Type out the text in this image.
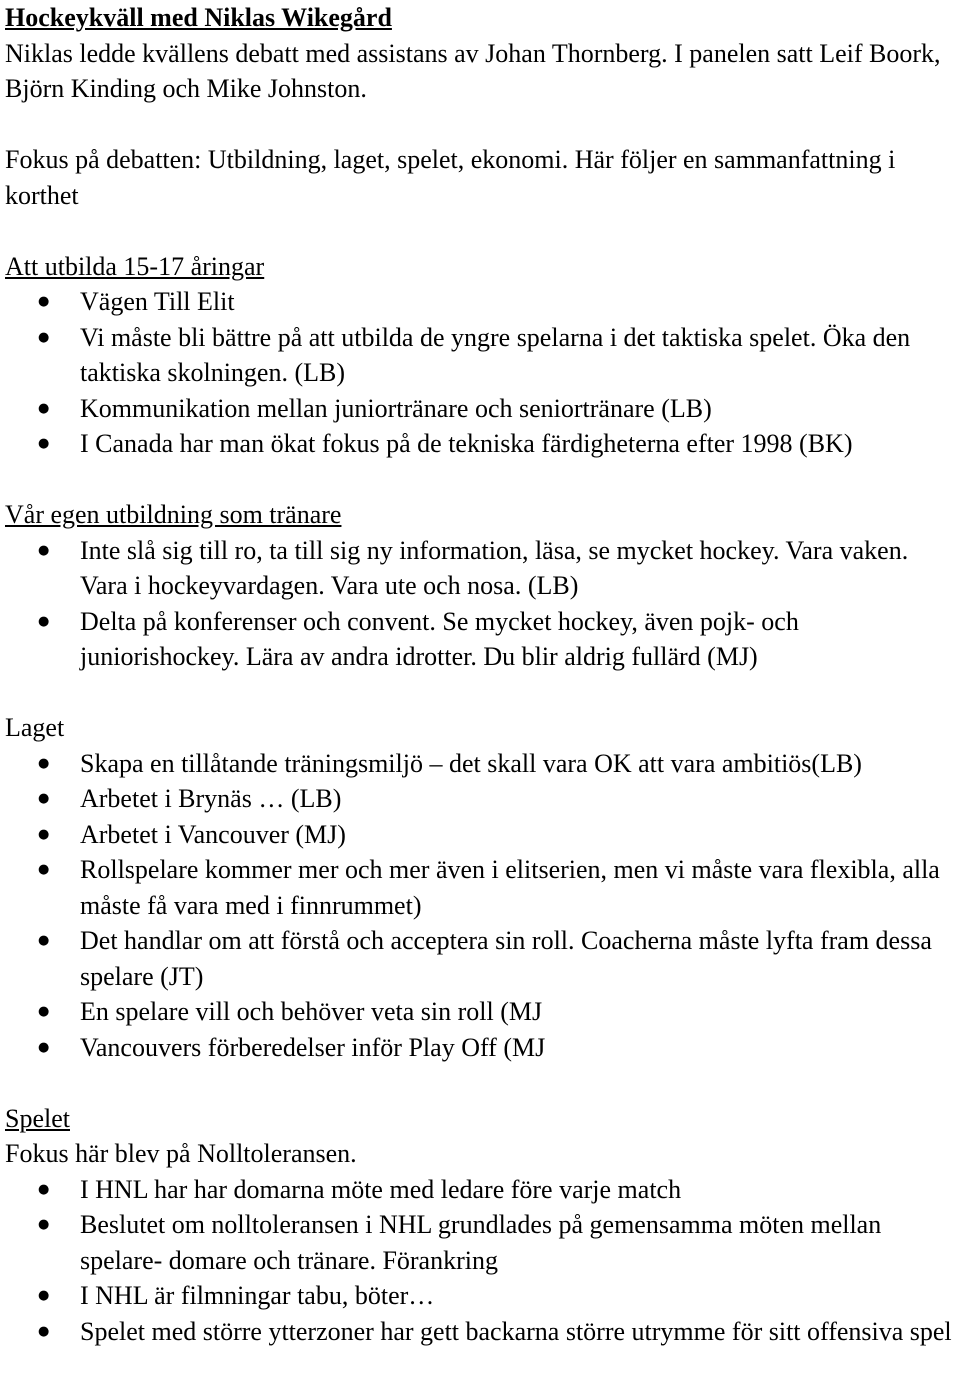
Hockeykväll med Niklas Wikegård

Niklas ledde kvällens debatt med assistans av Johan Thornberg. I panelen satt Leif Boork, Björn Kinding och Mike Johnston.

Fokus på debatten: Utbildning, laget, spelet, ekonomi. Här följer en sammanfattning i korthet

Att utbilda 15-17 åringar

● Vägen Till Elit
● Vi måste bli bättre på att utbilda de yngre spelarna i det taktiska spelet. Öka den taktiska skolningen. (LB)
● Kommunikation mellan juniortränare och seniortränare (LB)
● I Canada har man ökat fokus på de tekniska färdigheterna efter 1998 (BK)

Vår egen utbildning som tränare

● Inte slå sig till ro, ta till sig ny information, läsa, se mycket hockey. Vara vaken. Vara i hockeyvardagen. Vara ute och nosa. (LB)
● Delta på konferenser och convent. Se mycket hockey, även pojk- och juniorishockey. Lära av andra idrotter. Du blir aldrig fullärd (MJ)

Laget

● Skapa en tillåtande träningsmiljö – det skall vara OK att vara ambitiös(LB)
● Arbetet i Brynäs … (LB)
● Arbetet i Vancouver (MJ)
● Rollspelare kommer mer och mer även i elitserien, men vi måste vara flexibla, alla måste få vara med i finnrummet)
● Det handlar om att förstå och acceptera sin roll. Coacherna måste lyfta fram dessa spelare (JT)
● En spelare vill och behöver veta sin roll (MJ
● Vancouvers förberedelser inför Play Off (MJ

Spelet

Fokus här blev på Nolltoleransen.

● I HNL har har domarna möte med ledare före varje match
● Beslutet om nolltoleransen i NHL grundlades på gemensamma möten mellan spelare- domare och tränare. Förankring
● I NHL är filmningar tabu, böter…
● Spelet med större ytterzoner har gett backarna större utrymme för sitt offensiva spel
